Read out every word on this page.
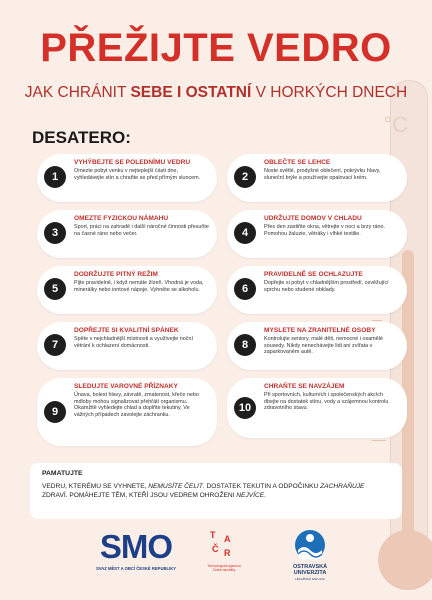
°C
PŘEŽIJTE VEDRO
JAK CHRÁNIT SEBE I OSTATNÍ V HORKÝCH DNECH
DESATERO:
1
VYHÝBEJTE SE POLEDNÍMU VEDRU
Omezte pobyt venku v nejteplejší části dne, vyhledávejte stín a chraňte se před přímým sluncem.	2
OBLEČTE SE LEHCE
Noste světlé, prodyšné oblečení, pokrývku hlavy, sluneční brýle a používejte opalovací krém.
3
OMEZTE FYZICKOU NÁMAHU
Sport, práci na zahradě i další náročné činnosti přesuňte na časné ráno nebo večer.	4
UDRŽUJTE DOMOV V CHLADU
Přes den zastiňte okna, větrejte v noci a brzy ráno. Pomohou žaluzie, větráky i vlhké textilie.
5
DODRŽUJTE PITNÝ REŽIM
Pijte pravidelně, i když nemáte žízeň. Vhodná je voda, minerálky nebo iontové nápoje. Vyhněte se alkoholu.	6
PRAVIDELNĚ SE OCHLAZUJTE
Dopřejte si pobyt v chladnějším prostředí, osvěžující sprchu nebo studené obklady.
7
DOPŘEJTE SI KVALITNÍ SPÁNEK
Spěte v nejchladnější místnosti a využívejte noční větrání k ochlazení domácnosti.	8
MYSLETE NA ZRANITELNÉ OSOBY
Kontrolujte seniory, malé děti, nemocné i osamělé sousedy. Nikdy nenechávejte lidi ani zvířata v zaparkovaném autě.
9
SLEDUJTE VAROVNÉ PŘÍZNAKY
Únava, bolest hlavy, závratě, zmatenost, křeče nebo mdloby mohou signalizovat přehřátí organismu. Okamžitě vyhledejte chlad a doplňte tekutiny. Ve vážných případech zavolejte záchranku.
10
CHRAŇTE SE NAVZÁJEM
Při sportovních, kulturních i společenských akcích dbejte na dostatek stínu, vody a vzájemnou kontrolu zdravotního stavu.
PAMATUJTE
VEDRU, KTERÉMU SE VYHNETE, NEMUSÍTE ČELIT. DOSTATEK TEKUTIN A ODPOČINKU ZACHRAŇUJE ZDRAVÍ. POMÁHEJTE TĚM, KTEŘÍ JSOU VEDREM OHROŽENI NEJVÍCE.
SMO
SVAZ MĚST A OBCÍ ČESKÉ REPUBLIKY
T A
Č R
Technologická agentura České republiky	OSTRAVSKÁ
UNIVERZITA
LÉKAŘSKÁ FAKULTA
